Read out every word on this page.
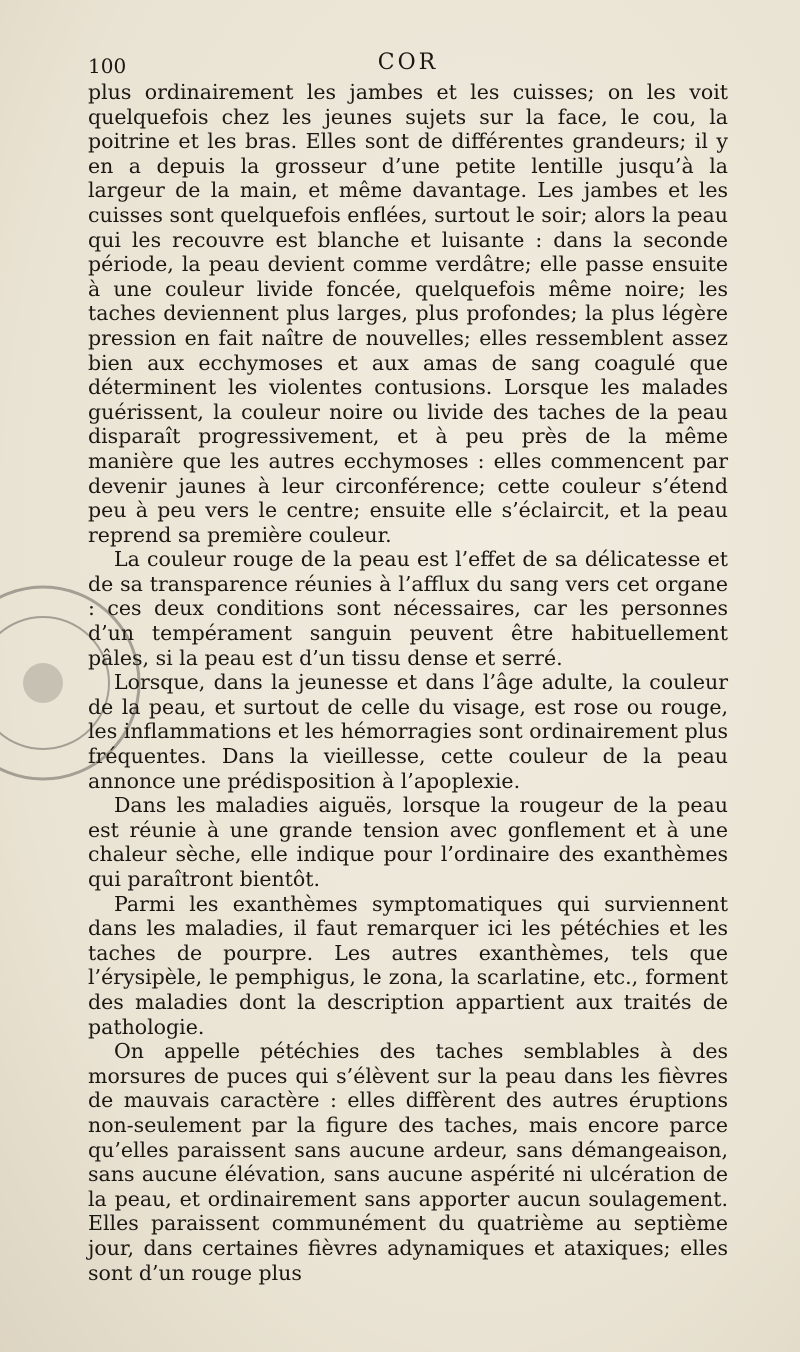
100	COR

plus ordinairement les jambes et les cuisses; on les voit quelquefois chez les jeunes sujets sur la face, le cou, la poitrine et les bras. Elles sont de différentes grandeurs; il y en a depuis la grosseur d’une petite lentille jusqu’à la largeur de la main, et même davantage. Les jambes et les cuisses sont quelquefois enflées, surtout le soir; alors la peau qui les recouvre est blanche et luisante : dans la seconde période, la peau devient comme verdâtre; elle passe ensuite à une couleur livide foncée, quelquefois même noire; les taches deviennent plus larges, plus profondes; la plus légère pression en fait naître de nouvelles; elles ressemblent assez bien aux ecchymoses et aux amas de sang coagulé que déterminent les violentes contusions. Lorsque les malades guérissent, la couleur noire ou livide des taches de la peau disparaît progressivement, et à peu près de la même manière que les autres ecchymoses : elles commencent par devenir jaunes à leur circonférence; cette couleur s’étend peu à peu vers le centre; ensuite elle s’éclaircit, et la peau reprend sa première couleur.

La couleur rouge de la peau est l’effet de sa délicatesse et de sa transparence réunies à l’afflux du sang vers cet organe : ces deux conditions sont nécessaires, car les personnes d’un tempérament sanguin peuvent être habituellement pâles, si la peau est d’un tissu dense et serré.

Lorsque, dans la jeunesse et dans l’âge adulte, la couleur de la peau, et surtout de celle du visage, est rose ou rouge, les inflammations et les hémorragies sont ordinairement plus fréquentes. Dans la vieillesse, cette couleur de la peau annonce une prédisposition à l’apoplexie.

Dans les maladies aiguës, lorsque la rougeur de la peau est réunie à une grande tension avec gonflement et à une chaleur sèche, elle indique pour l’ordinaire des exanthèmes qui paraîtront bientôt.

Parmi les exanthèmes symptomatiques qui surviennent dans les maladies, il faut remarquer ici les pétéchies et les taches de pourpre. Les autres exanthèmes, tels que l’érysipèle, le pemphigus, le zona, la scarlatine, etc., forment des maladies dont la description appartient aux traités de pathologie.

On appelle pétéchies des taches semblables à des morsures de puces qui s’élèvent sur la peau dans les fièvres de mauvais caractère : elles diffèrent des autres éruptions non-seulement par la figure des taches, mais encore parce qu’elles paraissent sans aucune ardeur, sans démangeaison, sans aucune élévation, sans aucune aspérité ni ulcération de la peau, et ordinairement sans apporter aucun soulagement. Elles paraissent communément du quatrième au septième jour, dans certaines fièvres adynamiques et ataxiques; elles sont d’un rouge plus
